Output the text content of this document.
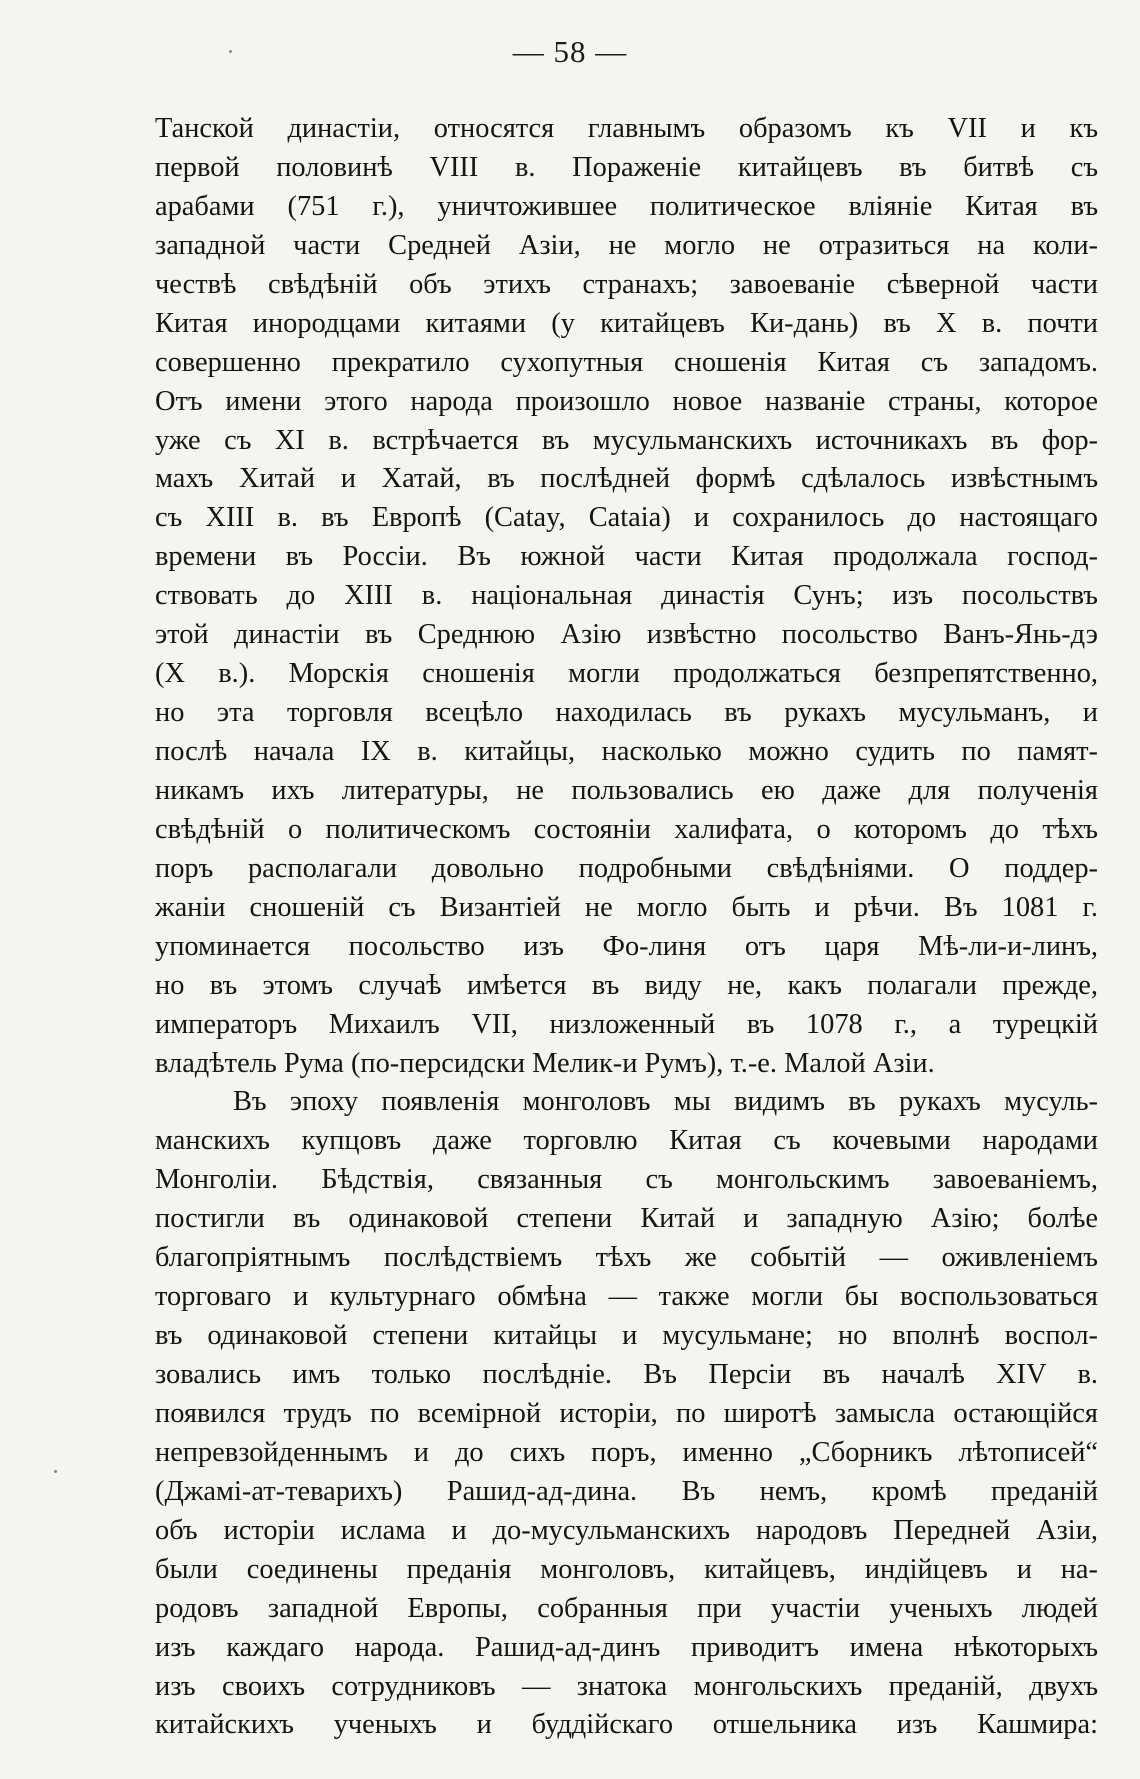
— 58 —
Танской династіи, относятся главнымъ образомъ къ VII и къ
первой половинѣ VIII в. Пораженіе китайцевъ въ битвѣ съ
арабами (751 г.), уничтожившее политическое вліяніе Китая въ
западной части Средней Азіи, не могло не отразиться на коли-
чествѣ свѣдѣній объ этихъ странахъ; завоеваніе сѣверной части
Китая инородцами китаями (у китайцевъ Ки-дань) въ X в. почти
совершенно прекратило сухопутныя сношенія Китая съ западомъ.
Отъ имени этого народа произошло новое названіе страны, которое
уже съ XI в. встрѣчается въ мусульманскихъ источникахъ въ фор-
махъ Хитай и Хатай, въ послѣдней формѣ сдѣлалось извѣстнымъ
съ XIII в. въ Европѣ (Catay, Cataia) и сохранилось до настоящаго
времени въ Россіи. Въ южной части Китая продолжала господ-
ствовать до XIII в. національная династія Сунъ; изъ посольствъ
этой династіи въ Среднюю Азію извѣстно посольство Ванъ-Янь-дэ
(X в.). Морскія сношенія могли продолжаться безпрепятственно,
но эта торговля всецѣло находилась въ рукахъ мусульманъ, и
послѣ начала IX в. китайцы, насколько можно судить по памят-
никамъ ихъ литературы, не пользовались ею даже для полученія
свѣдѣній о политическомъ состояніи халифата, о которомъ до тѣхъ
поръ располагали довольно подробными свѣдѣніями. О поддер-
жаніи сношеній съ Византіей не могло быть и рѣчи. Въ 1081 г.
упоминается посольство изъ Фо-линя отъ царя Мѣ-ли-и-линъ,
но въ этомъ случаѣ имѣется въ виду не, какъ полагали прежде,
императоръ Михаилъ VII, низложенный въ 1078 г., а турецкій
владѣтель Рума (по-персидски Мелик-и Румъ), т.-е. Малой Азіи.
Въ эпоху появленія монголовъ мы видимъ въ рукахъ мусуль-
манскихъ купцовъ даже торговлю Китая съ кочевыми народами
Монголіи. Бѣдствія, связанныя съ монгольскимъ завоеваніемъ,
постигли въ одинаковой степени Китай и западную Азію; болѣе
благопріятнымъ послѣдствіемъ тѣхъ же событій — оживленіемъ
торговаго и культурнаго обмѣна — также могли бы воспользоваться
въ одинаковой степени китайцы и мусульмане; но вполнѣ воспол-
зовались имъ только послѣдніе. Въ Персіи въ началѣ XIV в.
появился трудъ по всемірной исторіи, по широтѣ замысла остающійся
непревзойденнымъ и до сихъ поръ, именно „Сборникъ лѣтописей“
(Джамі-ат-теварихъ) Рашид-ад-дина. Въ немъ, кромѣ преданій
объ исторіи ислама и до-мусульманскихъ народовъ Передней Азіи,
были соединены преданія монголовъ, китайцевъ, индійцевъ и на-
родовъ западной Европы, собранныя при участіи ученыхъ людей
изъ каждаго народа. Рашид-ад-динъ приводитъ имена нѣкоторыхъ
изъ своихъ сотрудниковъ — знатока монгольскихъ преданій, двухъ
китайскихъ ученыхъ и буддійскаго отшельника изъ Кашмира:
